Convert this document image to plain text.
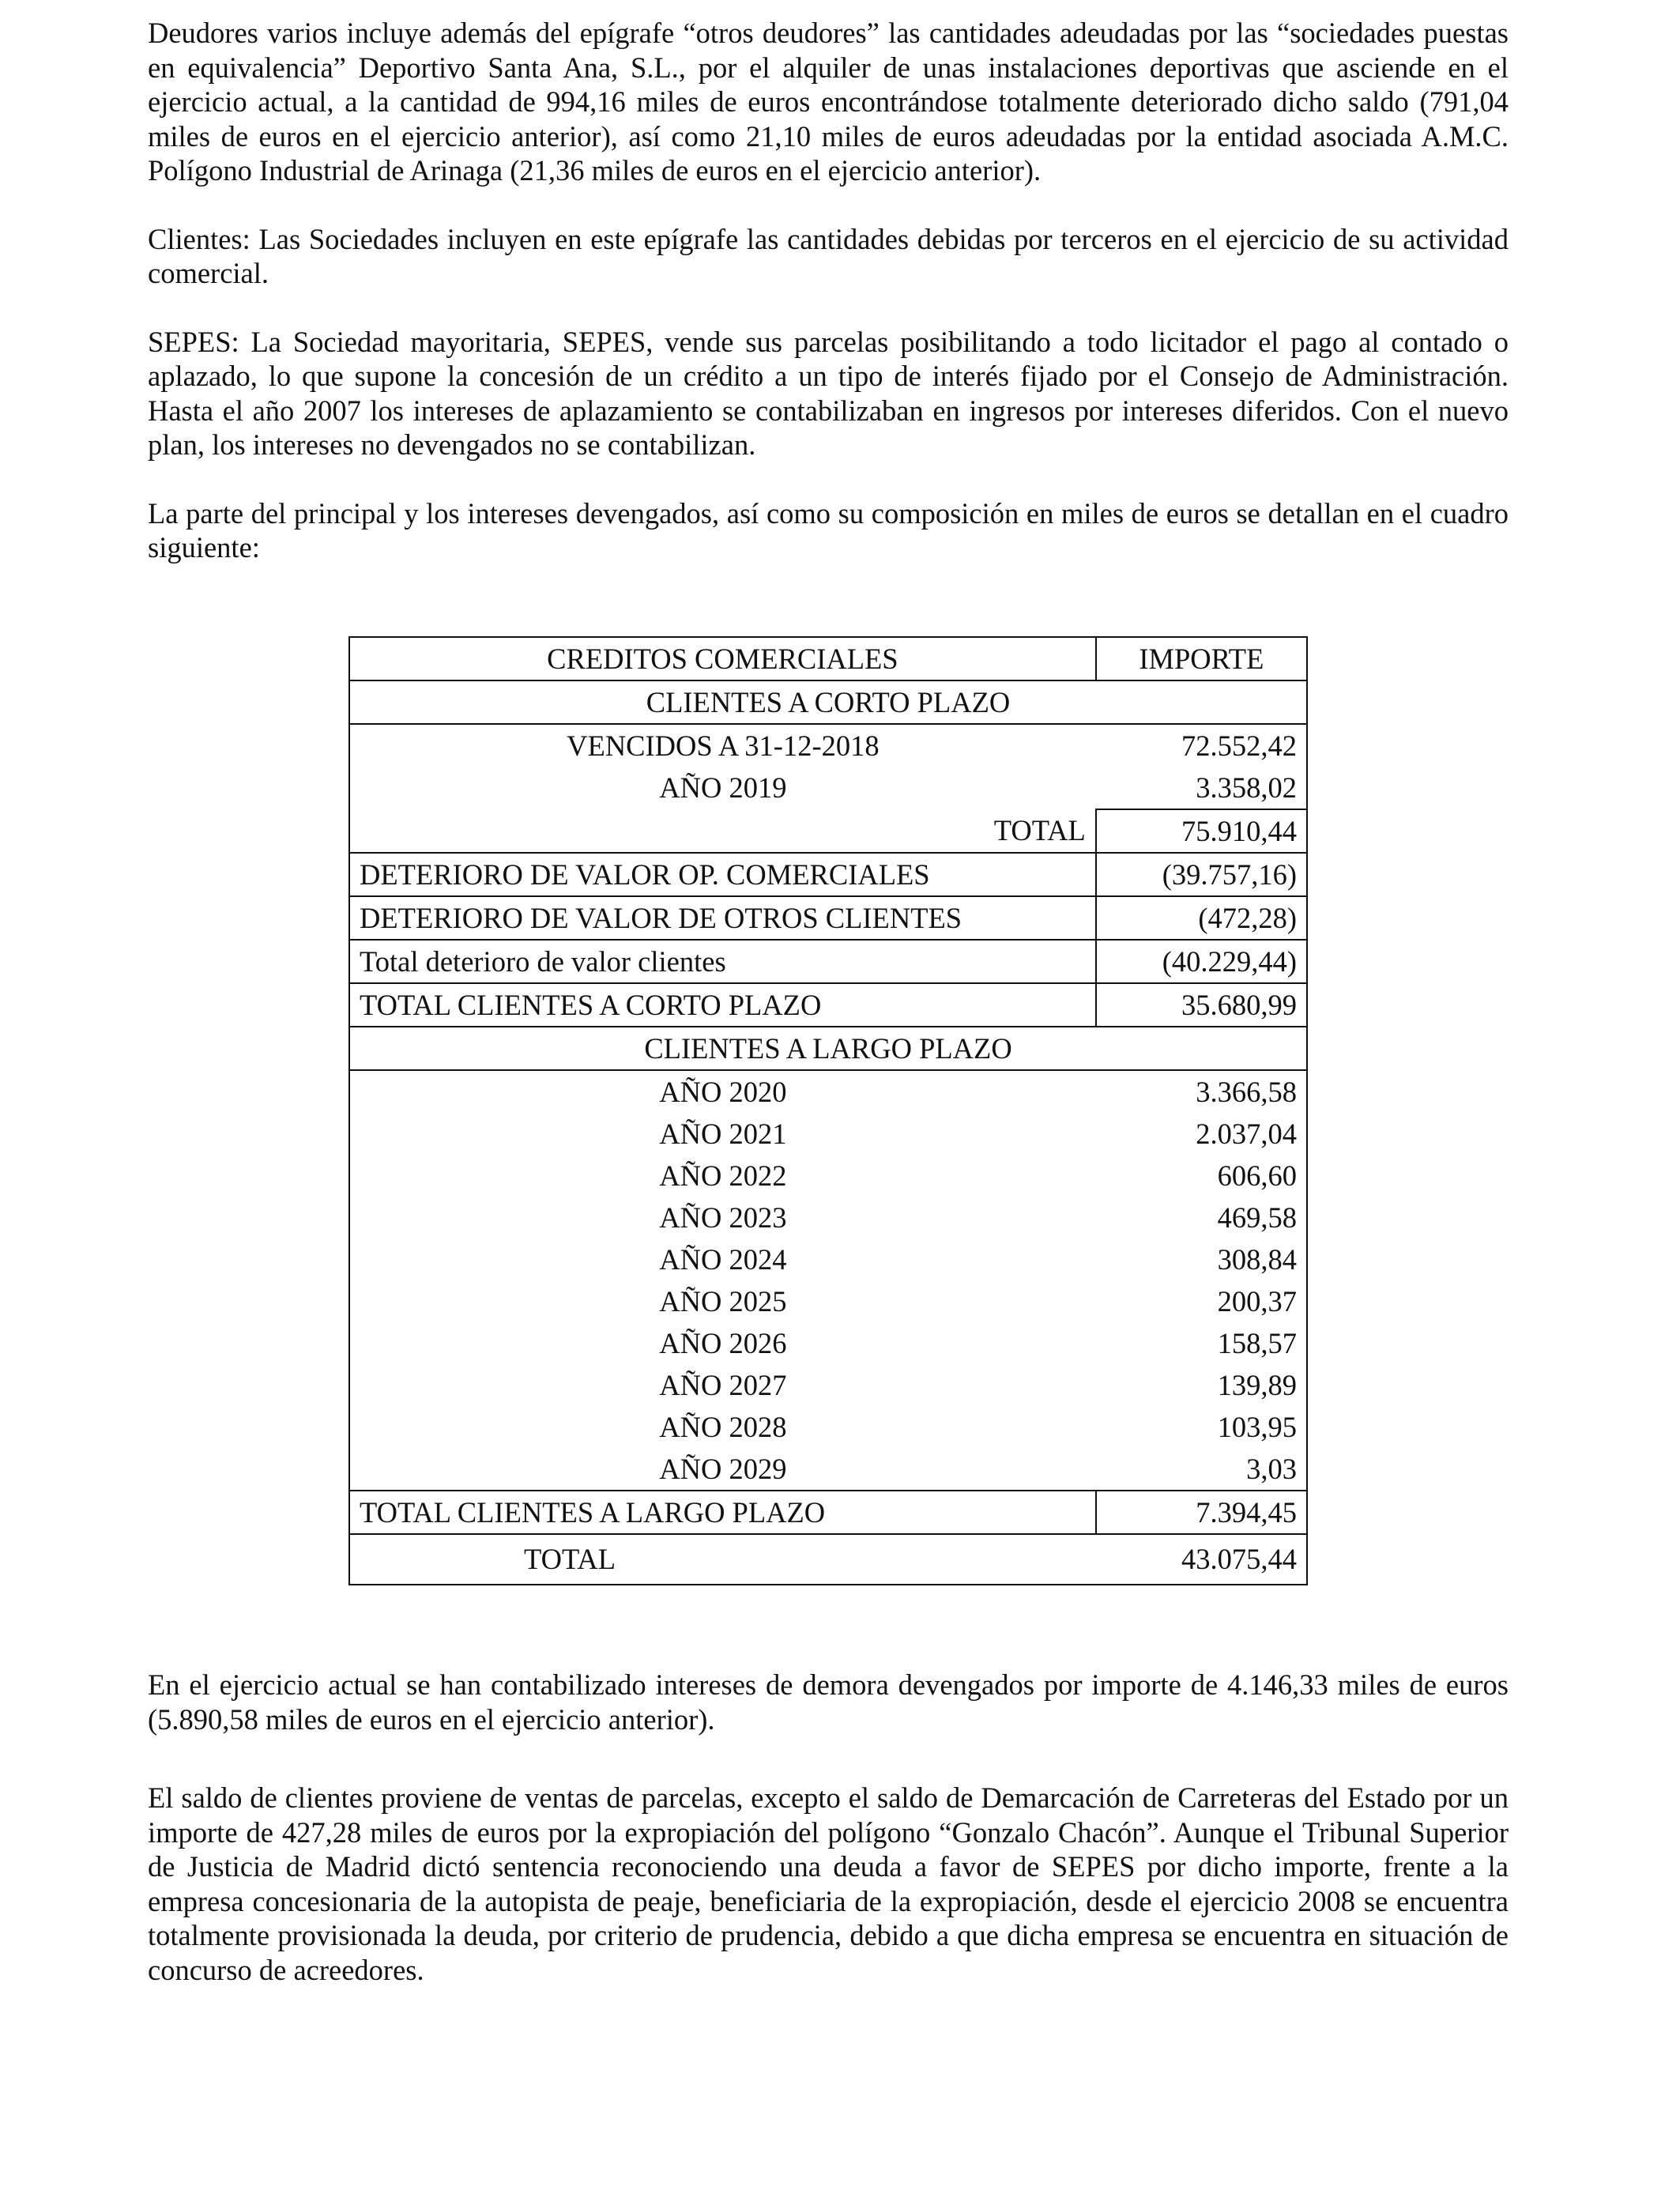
Deudores varios incluye además del epígrafe “otros deudores” las cantidades adeudadas por las “sociedades puestas en equivalencia” Deportivo Santa Ana, S.L., por el alquiler de unas instalaciones deportivas que asciende en el ejercicio actual, a la cantidad de 994,16 miles de euros encontrándose totalmente deteriorado dicho saldo (791,04 miles de euros en el ejercicio anterior), así como 21,10 miles de euros adeudadas por la entidad asociada A.M.C. Polígono Industrial de Arinaga (21,36 miles de euros en el ejercicio anterior).

Clientes: Las Sociedades incluyen en este epígrafe las cantidades debidas por terceros en el ejercicio de su actividad comercial.

SEPES: La Sociedad mayoritaria, SEPES, vende sus parcelas posibilitando a todo licitador el pago al contado o aplazado, lo que supone la concesión de un crédito a un tipo de interés fijado por el Consejo de Administración. Hasta el año 2007 los intereses de aplazamiento se contabilizaban en ingresos por intereses diferidos. Con el nuevo plan, los intereses no devengados no se contabilizan.

La parte del principal y los intereses devengados, así como su composición en miles de euros se detallan en el cuadro siguiente:

CREDITOS COMERCIALES	IMPORTE
CLIENTES A CORTO PLAZO	
VENCIDOS A 31-12-2018	72.552,42
AÑO 2019	3.358,02
TOTAL	75.910,44
DETERIORO DE VALOR OP. COMERCIALES	(39.757,16)
DETERIORO DE VALOR DE OTROS CLIENTES	(472,28)
Total deterioro de valor clientes	(40.229,44)
TOTAL CLIENTES A CORTO PLAZO	35.680,99
CLIENTES A LARGO PLAZO	
AÑO 2020	3.366,58
AÑO 2021	2.037,04
AÑO 2022	606,60
AÑO 2023	469,58
AÑO 2024	308,84
AÑO 2025	200,37
AÑO 2026	158,57
AÑO 2027	139,89
AÑO 2028	103,95
AÑO 2029	3,03
TOTAL CLIENTES A LARGO PLAZO	7.394,45
TOTAL	43.075,44

En el ejercicio actual se han contabilizado intereses de demora devengados por importe de 4.146,33 miles de euros (5.890,58 miles de euros en el ejercicio anterior).

El saldo de clientes proviene de ventas de parcelas, excepto el saldo de Demarcación de Carreteras del Estado por un importe de 427,28 miles de euros por la expropiación del polígono “Gonzalo Chacón”. Aunque el Tribunal Superior de Justicia de Madrid dictó sentencia reconociendo una deuda a favor de SEPES por dicho importe, frente a la empresa concesionaria de la autopista de peaje, beneficiaria de la expropiación, desde el ejercicio 2008 se encuentra totalmente provisionada la deuda, por criterio de prudencia, debido a que dicha empresa se encuentra en situación de concurso de acreedores.
